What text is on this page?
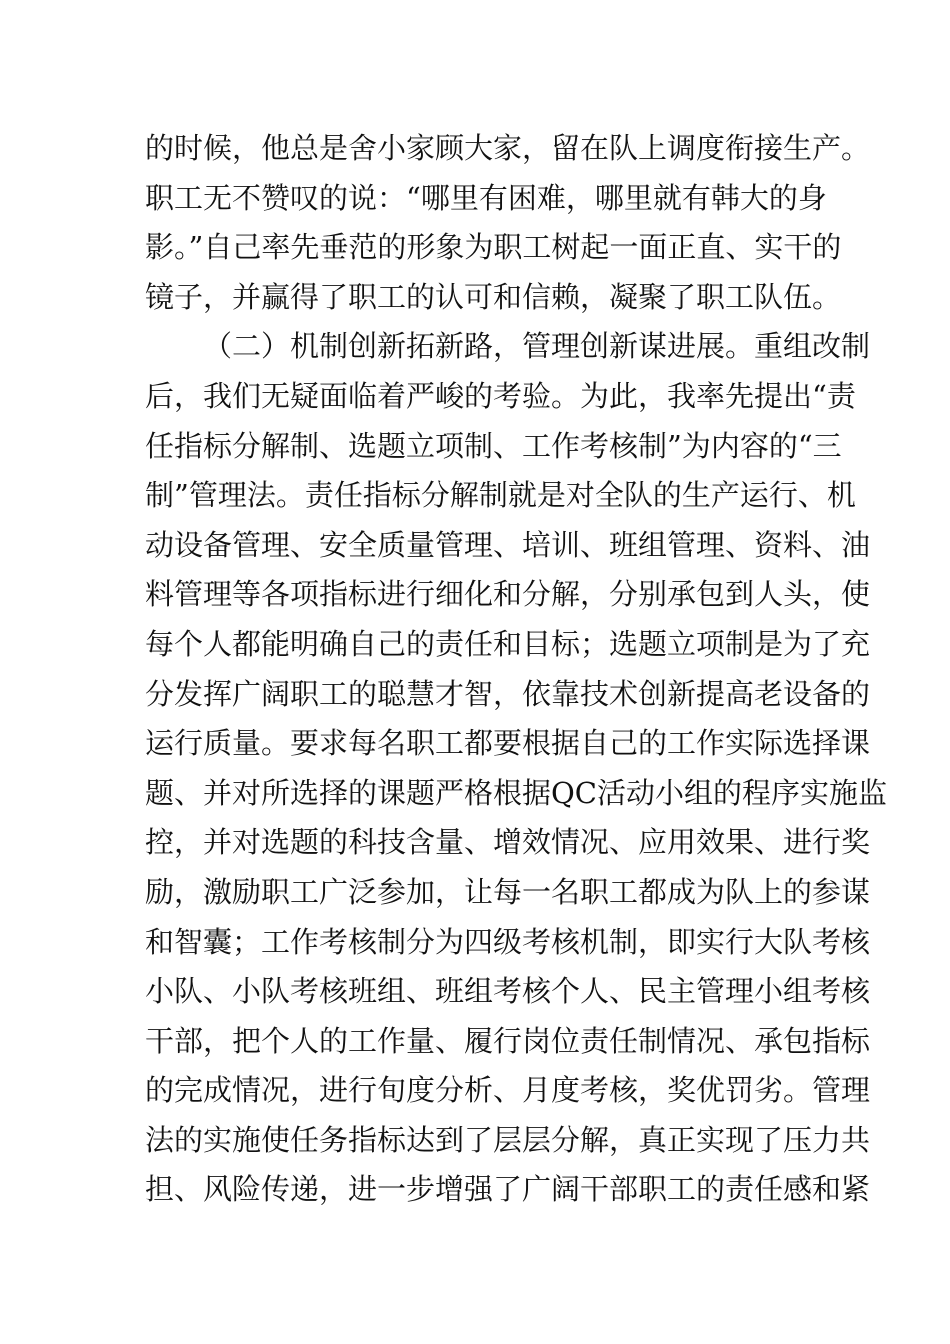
的时候，他总是舍小家顾大家，留在队上调度衔接生产。
职工无不赞叹的说：“哪里有困难，哪里就有韩大的身
影。”自己率先垂范的形象为职工树起一面正直、实干的
镜子，并赢得了职工的认可和信赖，凝聚了职工队伍。
（二）机制创新拓新路，管理创新谋进展。重组改制
后，我们无疑面临着严峻的考验。为此，我率先提出“责
任指标分解制、选题立项制、工作考核制”为内容的“三
制”管理法。责任指标分解制就是对全队的生产运行、机
动设备管理、安全质量管理、培训、班组管理、资料、油
料管理等各项指标进行细化和分解，分别承包到人头，使
每个人都能明确自己的责任和目标；选题立项制是为了充
分发挥广阔职工的聪慧才智，依靠技术创新提高老设备的
运行质量。要求每名职工都要根据自己的工作实际选择课
题、并对所选择的课题严格根据QC活动小组的程序实施监
控，并对选题的科技含量、增效情况、应用效果、进行奖
励，激励职工广泛参加，让每一名职工都成为队上的参谋
和智囊；工作考核制分为四级考核机制，即实行大队考核
小队、小队考核班组、班组考核个人、民主管理小组考核
干部，把个人的工作量、履行岗位责任制情况、承包指标
的完成情况，进行旬度分析、月度考核，奖优罚劣。管理
法的实施使任务指标达到了层层分解，真正实现了压力共
担、风险传递，进一步增强了广阔干部职工的责任感和紧
